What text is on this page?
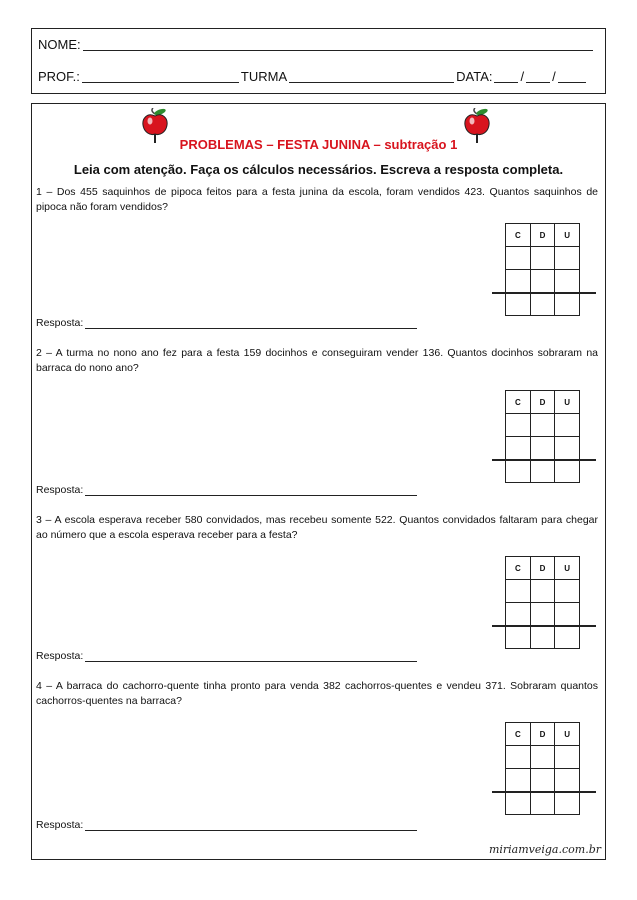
NOME:
PROF.:	TURMA	DATA: / /
PROBLEMAS – FESTA JUNINA – subtração 1
Leia com atenção. Faça os cálculos necessários. Escreva a resposta completa.
1 – Dos 455 saquinhos de pipoca feitos para a festa junina da escola, foram vendidos 423. Quantos saquinhos de pipoca não foram vendidos?
C	D	U

Resposta:
2 – A turma no nono ano fez para a festa 159 docinhos e conseguiram vender 136. Quantos docinhos sobraram na barraca do nono ano?
C	D	U

Resposta:
3 – A escola esperava receber 580 convidados, mas recebeu somente 522. Quantos convidados faltaram para chegar ao número que a escola esperava receber para a festa?
C	D	U

Resposta:
4 – A barraca do cachorro-quente tinha pronto para venda 382 cachorros-quentes e vendeu 371. Sobraram quantos cachorros-quentes na barraca?
C	D	U

Resposta:
miriamveiga.com.br
